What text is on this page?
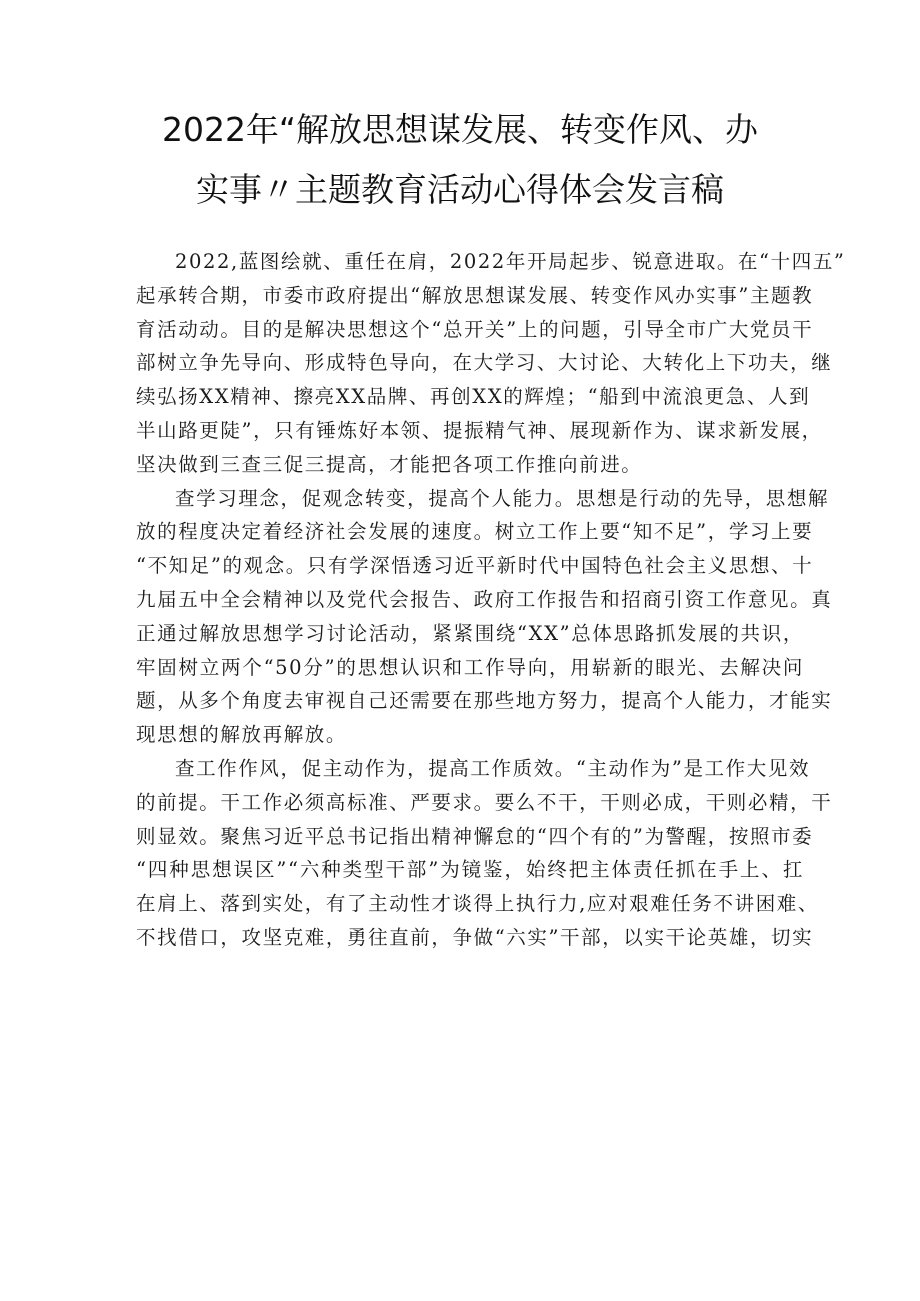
2022年“解放思想谋发展、转变作风、办
实事〃主题教育活动心得体会发言稿

2022,蓝图绘就、重任在肩，2022年开局起步、锐意进取。在“十四五”
起承转合期，市委市政府提出“解放思想谋发展、转变作风办实事”主题教
育活动动。目的是解决思想这个“总开关”上的问题，引导全市广大党员干
部树立争先导向、形成特色导向，在大学习、大讨论、大转化上下功夫，继
续弘扬XX精神、擦亮XX品牌、再创XX的辉煌；“船到中流浪更急、人到
半山路更陡”，只有锤炼好本领、提振精气神、展现新作为、谋求新发展，
坚决做到三查三促三提高，才能把各项工作推向前进。

查学习理念，促观念转变，提高个人能力。思想是行动的先导，思想解
放的程度决定着经济社会发展的速度。树立工作上要“知不足”，学习上要
“不知足”的观念。只有学深悟透习近平新时代中国特色社会主义思想、十
九届五中全会精神以及党代会报告、政府工作报告和招商引资工作意见。真
正通过解放思想学习讨论活动，紧紧围绕“XX”总体思路抓发展的共识，
牢固树立两个“50分”的思想认识和工作导向，用崭新的眼光、去解决问
题，从多个角度去审视自己还需要在那些地方努力，提高个人能力，才能实
现思想的解放再解放。

查工作作风，促主动作为，提高工作质效。“主动作为”是工作大见效
的前提。干工作必须高标准、严要求。要么不干，干则必成，干则必精，干
则显效。聚焦习近平总书记指出精神懈怠的“四个有的”为警醒，按照市委
“四种思想误区”“六种类型干部”为镜鉴，始终把主体责任抓在手上、扛
在肩上、落到实处，有了主动性才谈得上执行力,应对艰难任务不讲困难、
不找借口，攻坚克难，勇往直前，争做“六实”干部，以实干论英雄，切实
